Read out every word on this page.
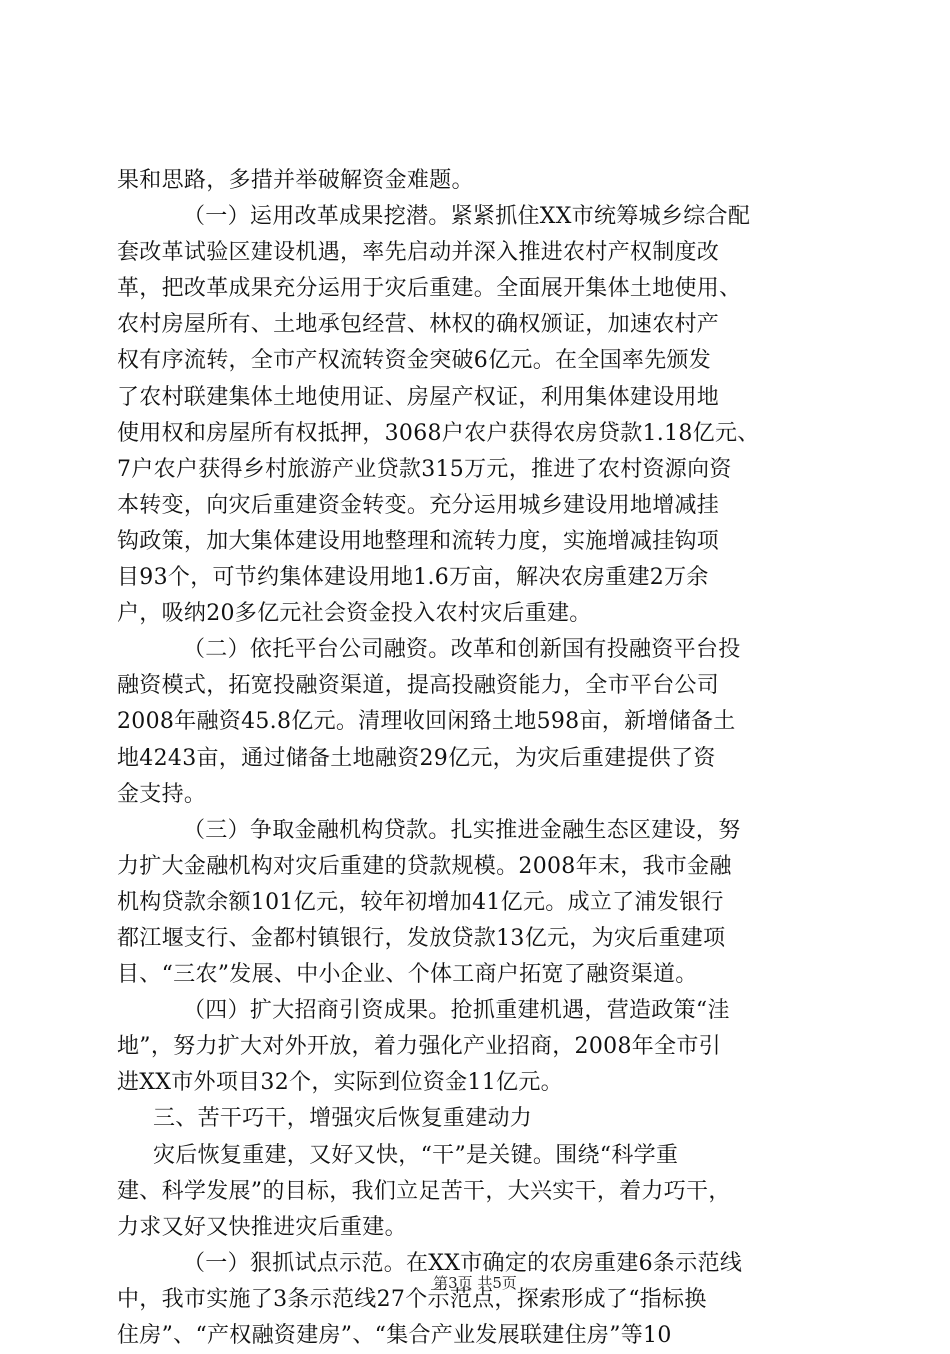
果和思路，多措并举破解资金难题。
（一）运用改革成果挖潜。紧紧抓住XX市统筹城乡综合配
套改革试验区建设机遇，率先启动并深入推进农村产权制度改
革，把改革成果充分运用于灾后重建。全面展开集体土地使用、
农村房屋所有、土地承包经营、林权的确权颁证，加速农村产
权有序流转，全市产权流转资金突破6亿元。在全国率先颁发
了农村联建集体土地使用证、房屋产权证，利用集体建设用地
使用权和房屋所有权抵押，3068户农户获得农房贷款1.18亿元、
7户农户获得乡村旅游产业贷款315万元，推进了农村资源向资
本转变，向灾后重建资金转变。充分运用城乡建设用地增减挂
钩政策，加大集体建设用地整理和流转力度，实施增减挂钩项
目93个，可节约集体建设用地1.6万亩，解决农房重建2万余
户，吸纳20多亿元社会资金投入农村灾后重建。
（二）依托平台公司融资。改革和创新国有投融资平台投
融资模式，拓宽投融资渠道，提高投融资能力，全市平台公司
2008年融资45.8亿元。清理收回闲臵土地598亩，新增储备土
地4243亩，通过储备土地融资29亿元，为灾后重建提供了资
金支持。
（三）争取金融机构贷款。扎实推进金融生态区建设，努
力扩大金融机构对灾后重建的贷款规模。2008年末，我市金融
机构贷款余额101亿元，较年初增加41亿元。成立了浦发银行
都江堰支行、金都村镇银行，发放贷款13亿元，为灾后重建项
目、“三农”发展、中小企业、个体工商户拓宽了融资渠道。
（四）扩大招商引资成果。抢抓重建机遇，营造政策“洼
地”，努力扩大对外开放，着力强化产业招商，2008年全市引
进XX市外项目32个，实际到位资金11亿元。
三、苦干巧干，增强灾后恢复重建动力
灾后恢复重建，又好又快，“干”是关键。围绕“科学重
建、科学发展”的目标，我们立足苦干，大兴实干，着力巧干，
力求又好又快推进灾后重建。
（一）狠抓试点示范。在XX市确定的农房重建6条示范线
中，我市实施了3条示范线27个示范点，探索形成了“指标换
住房”、“产权融资建房”、“集合产业发展联建住房”等10
第3页 共5页
